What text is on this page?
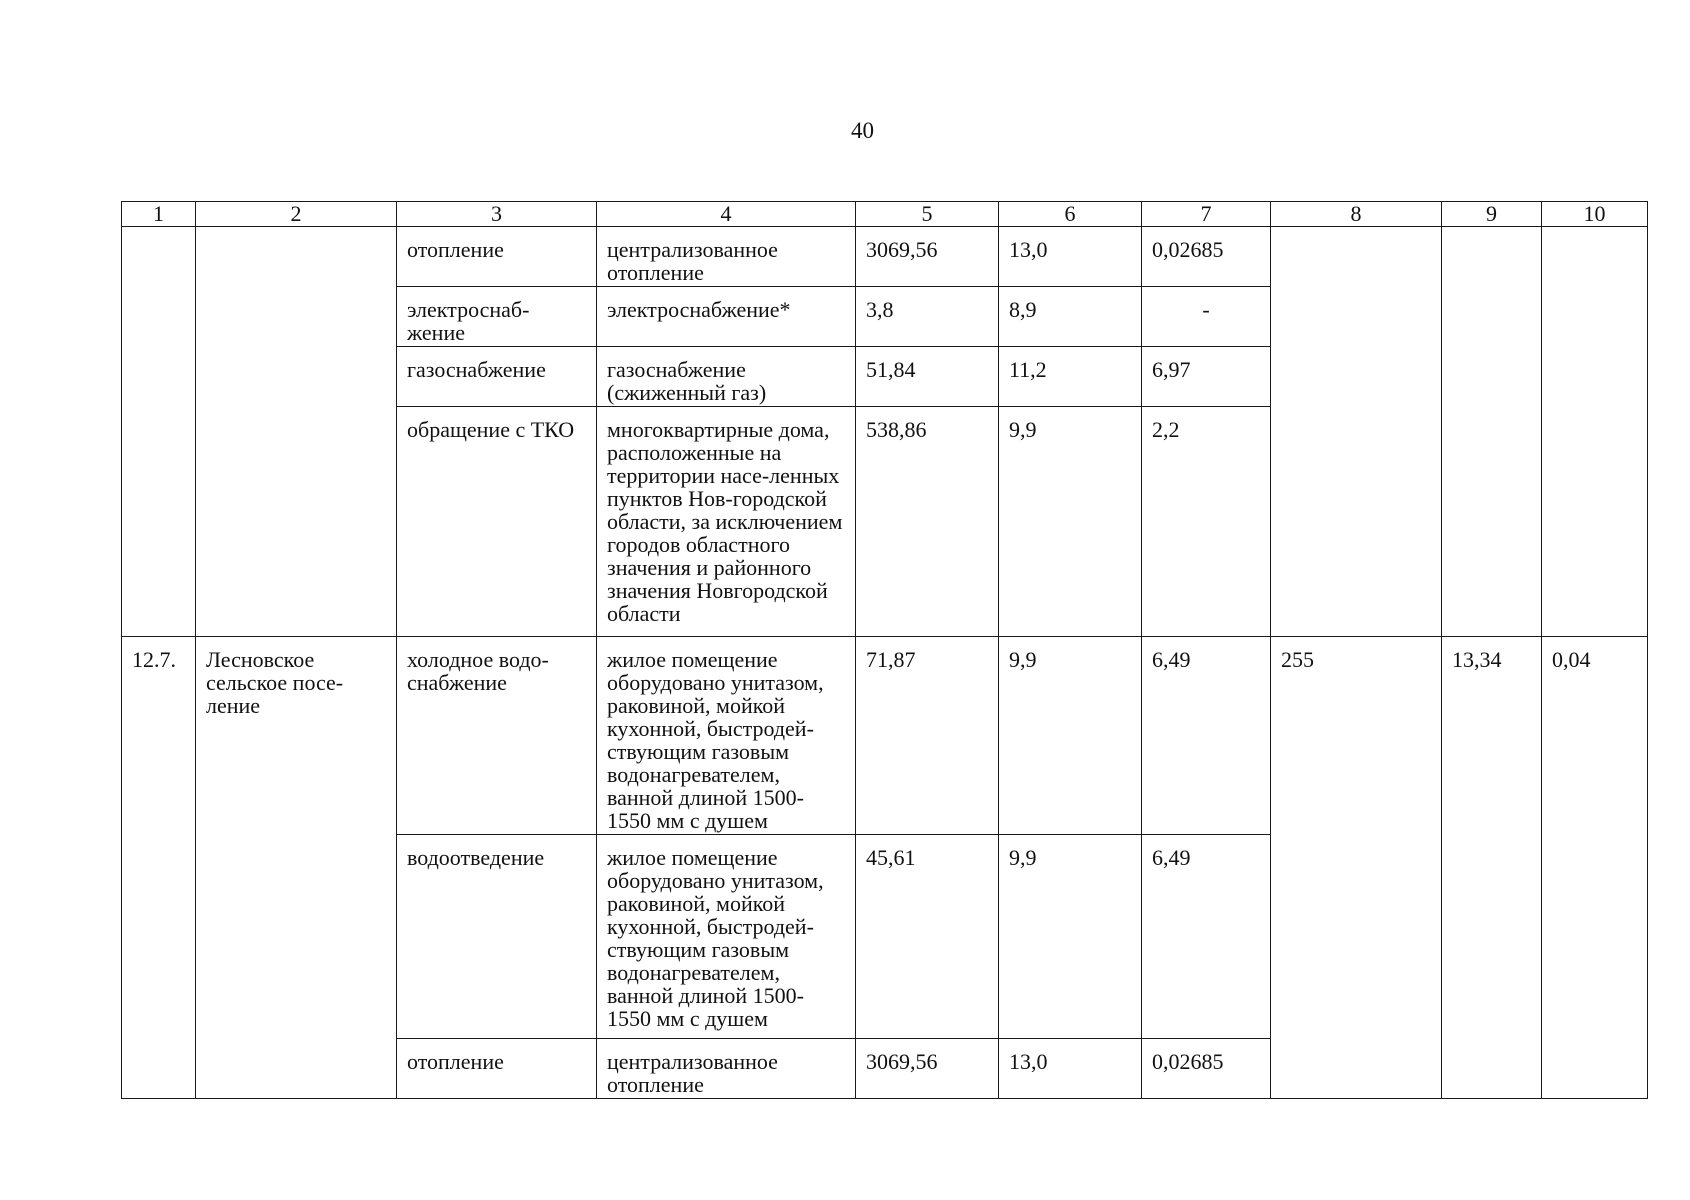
40
1	2	3	4	5	6	7	8	9	10
		отопление	централизованное отопление	3069,56	13,0	0,02685			
		электроснаб-жение	электроснабжение*	3,8	8,9	-			
		газоснабжение	газоснабжение (сжиженный газ)	51,84	11,2	6,97			
		обращение с ТКО	многоквартирные дома, расположенные на территории насе-ленных пунктов Нов-городской области, за исключением городов областного значения и районного значения Новгородской области	538,86	9,9	2,2			
12.7.	Лесновское сельское посе-ление	холодное водо-снабжение	жилое помещение оборудовано унитазом, раковиной, мойкой кухонной, быстродей-ствующим газовым водонагревателем, ванной длиной 1500-1550 мм с душем	71,87	9,9	6,49	255	13,34	0,04
		водоотведение	жилое помещение оборудовано унитазом, раковиной, мойкой кухонной, быстродей-ствующим газовым водонагревателем, ванной длиной 1500-1550 мм с душем	45,61	9,9	6,49			
		отопление	централизованное отопление	3069,56	13,0	0,02685			
